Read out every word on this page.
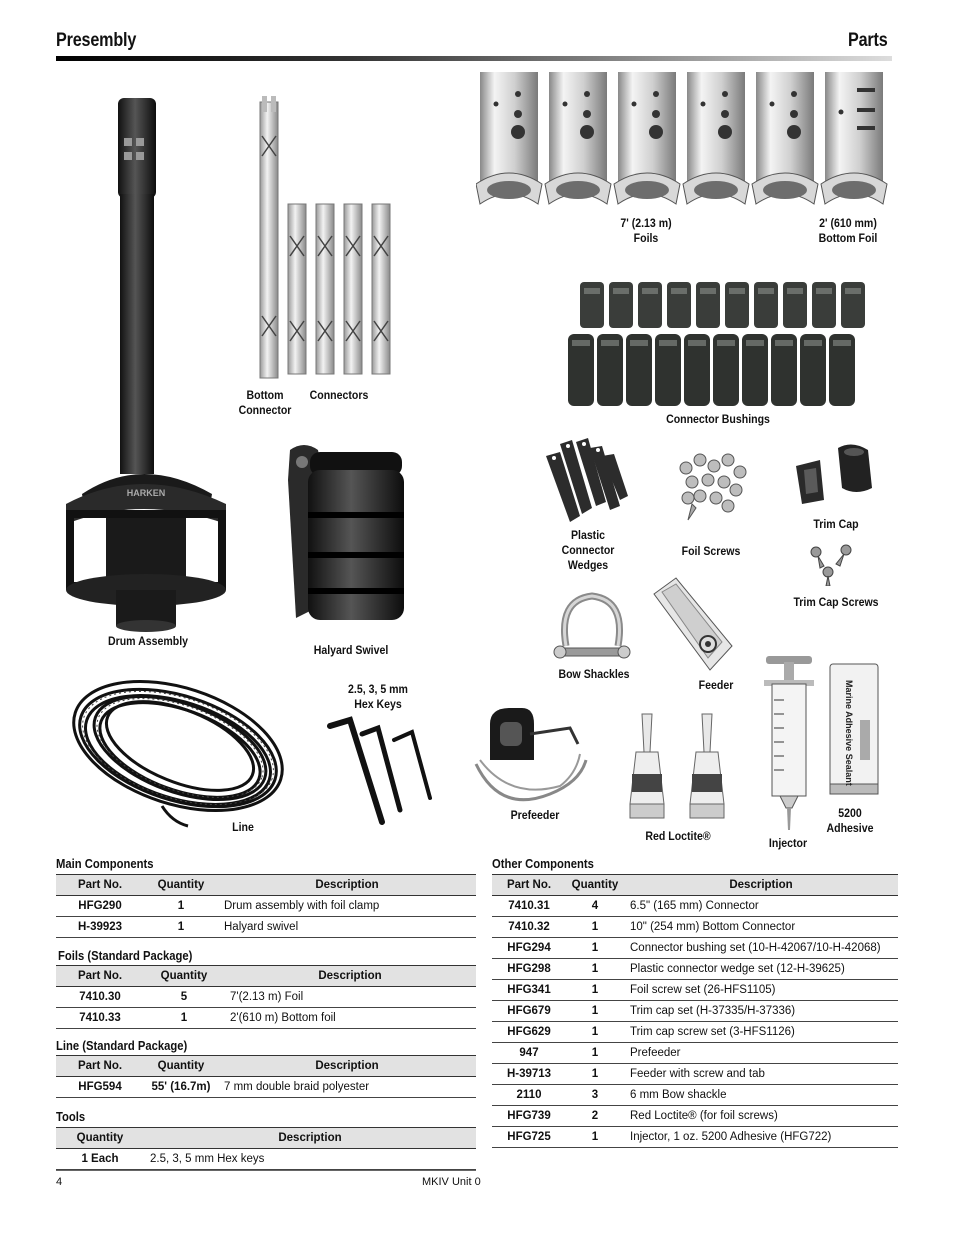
Presembly	Parts
7' (2.13 m)
Foils
2' (610 mm)
Bottom Foil
Bottom
Connector
Connectors
Connector Bushings
Plastic
Connector
Wedges
Foil Screws
Trim Cap
Trim Cap Screws
HARKEN
Drum Assembly
Halyard Swivel
Bow Shackles
Feeder
2.5, 3, 5 mm
Hex Keys
Line
Prefeeder
Red Loctite®	Injector
Marine Adhesive Sealant
5200
Adhesive
Main Components
Part No.	Quantity	Description
HFG290	1	Drum assembly with foil clamp
H-39923	1	Halyard swivel
Foils (Standard Package)
Part No.	Quantity	Description
7410.30	5	7'(2.13 m) Foil
7410.33	1	2'(610 m) Bottom foil
Line (Standard Package)
Part No.	Quantity	Description
HFG594	55' (16.7m)	7 mm double braid polyester
Tools
Quantity	Description
1 Each	2.5, 3, 5 mm Hex keys
Other Components
Part No.	Quantity	Description
7410.31	4	6.5" (165 mm) Connector
7410.32	1	10" (254 mm) Bottom Connector
HFG294	1	Connector bushing set (10-H-42067/10-H-42068)
HFG298	1	Plastic connector wedge set (12-H-39625)
HFG341	1	Foil screw set (26-HFS1105)
HFG679	1	Trim cap set (H-37335/H-37336)
HFG629	1	Trim cap screw set (3-HFS1126)
947	1	Prefeeder
H-39713	1	Feeder with screw and tab
2110	3	6 mm Bow shackle
HFG739	2	Red Loctite® (for foil screws)
HFG725	1	Injector, 1 oz. 5200 Adhesive (HFG722)
4	MKIV Unit 0
